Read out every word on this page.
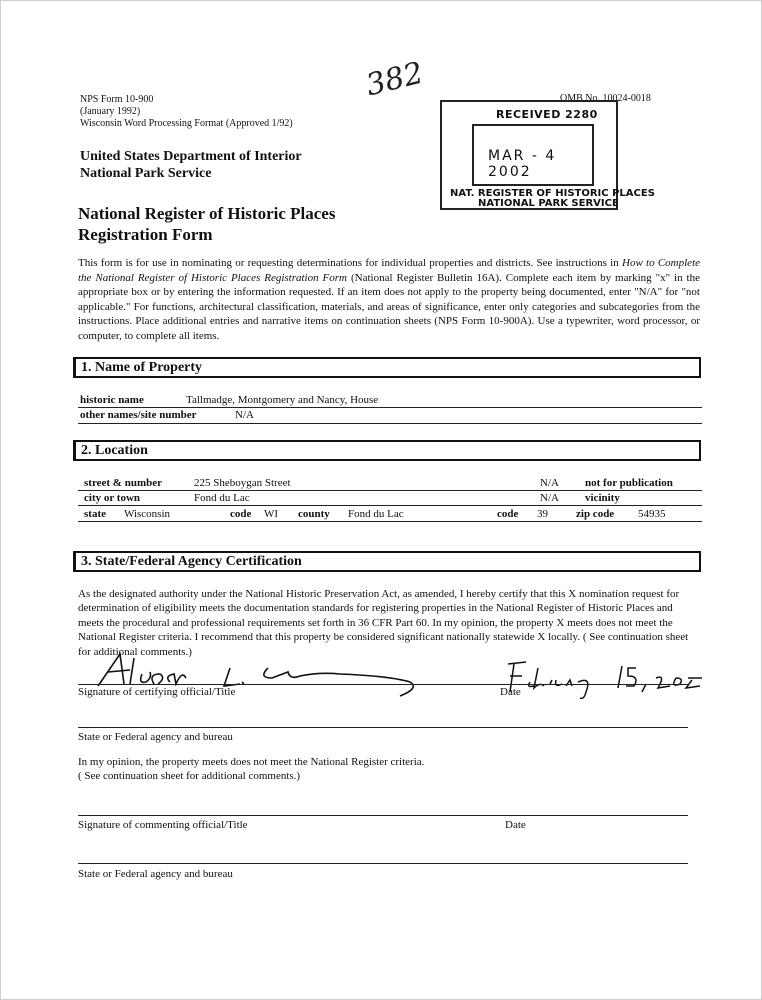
NPS Form 10-900
(January 1992)
Wisconsin Word Processing Format (Approved 1/92)
OMB No. 10024-0018
382
United States Department of Interior
National Park Service
National Register of Historic Places
Registration Form
MAR - 4 2002
RECEIVED 2280
NAT. REGISTER OF HISTORIC PLACES
NATIONAL PARK SERVICE
This form is for use in nominating or requesting determinations for individual properties and districts. See instructions in How to Complete the National Register of Historic Places Registration Form (National Register Bulletin 16A). Complete each item by marking "x" in the appropriate box or by entering the information requested. If an item does not apply to the property being documented, enter "N/A" for "not applicable." For functions, architectural classification, materials, and areas of significance, enter only categories and subcategories from the instructions. Place additional entries and narrative items on continuation sheets (NPS Form 10-900A). Use a typewriter, word processor, or computer, to complete all items.
1. Name of Property
historic name	Tallmadge, Montgomery and Nancy, House
other names/site number	N/A
2. Location
street & number	225 Sheboygan Street	N/A not for publication
city or town	Fond du Lac	N/A vicinity
state Wisconsin	code WI county Fond du Lac	code 39	zip code 54935
3. State/Federal Agency Certification
As the designated authority under the National Historic Preservation Act, as amended, I hereby certify that this X nomination request for determination of eligibility meets the documentation standards for registering properties in the National Register of Historic Places and meets the procedural and professional requirements set forth in 36 CFR Part 60. In my opinion, the property X meets does not meet the National Register criteria. I recommend that this property be considered significant nationally statewide X locally. ( See continuation sheet for additional comments.)
Signature of certifying official/Title	Date
State or Federal agency and bureau
In my opinion, the property meets does not meet the National Register criteria.
( See continuation sheet for additional comments.)
Signature of commenting official/Title	Date
State or Federal agency and bureau
